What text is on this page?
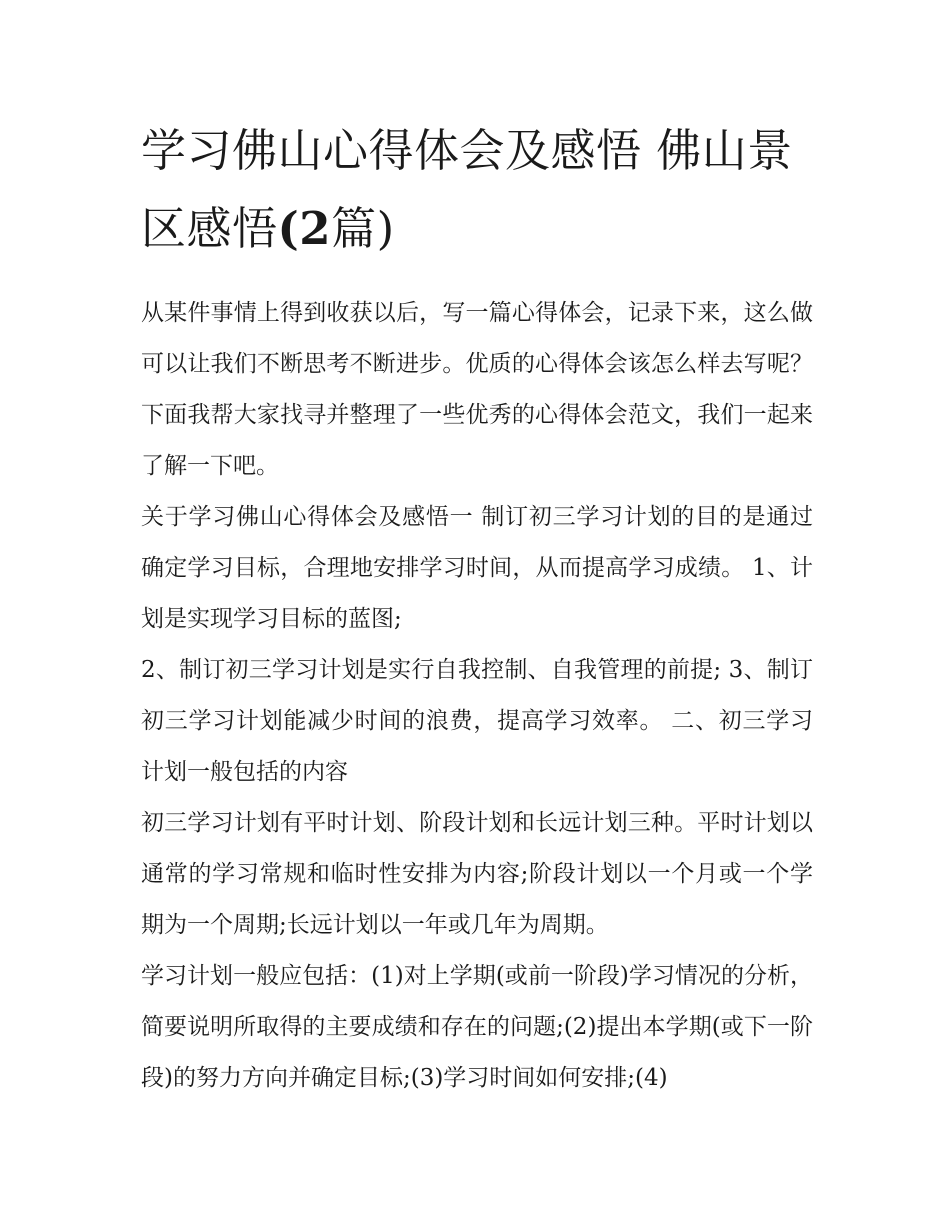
学习佛山心得体会及感悟 佛山景区感悟(2篇)

从某件事情上得到收获以后，写一篇心得体会，记录下来，这么做可以让我们不断思考不断进步。优质的心得体会该怎么样去写呢？下面我帮大家找寻并整理了一些优秀的心得体会范文，我们一起来了解一下吧。

关于学习佛山心得体会及感悟一 制订初三学习计划的目的是通过确定学习目标，合理地安排学习时间，从而提高学习成绩。 1、计划是实现学习目标的蓝图;

2、制订初三学习计划是实行自我控制、自我管理的前提; 3、制订初三学习计划能减少时间的浪费，提高学习效率。 二、初三学习计划一般包括的内容

初三学习计划有平时计划、阶段计划和长远计划三种。平时计划以通常的学习常规和临时性安排为内容;阶段计划以一个月或一个学期为一个周期;长远计划以一年或几年为周期。

学习计划一般应包括：(1)对上学期(或前一阶段)学习情况的分析，简要说明所取得的主要成绩和存在的问题;(2)提出本学期(或下一阶段)的努力方向并确定目标;(3)学习时间如何安排;(4)
